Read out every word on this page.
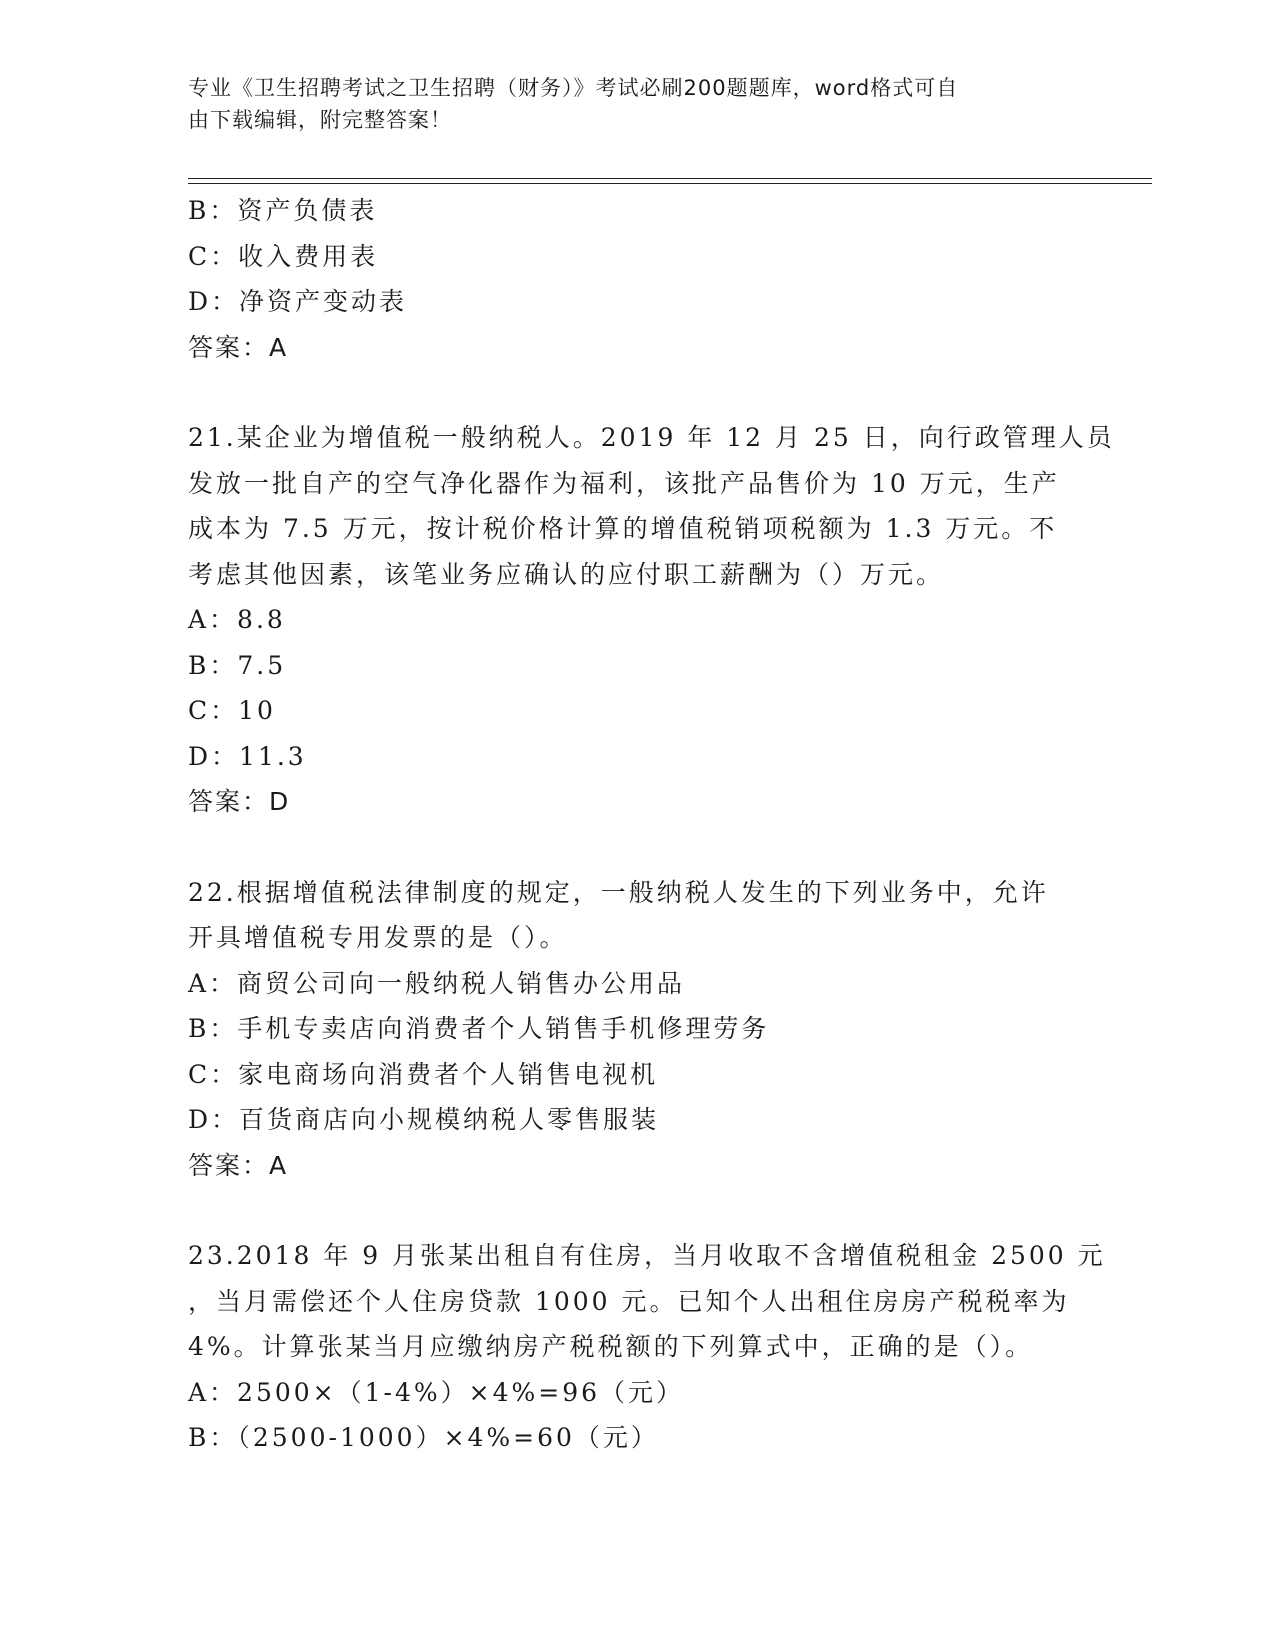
专业《卫生招聘考试之卫生招聘（财务）》考试必刷200题题库，word格式可自
由下载编辑，附完整答案！
B：资产负债表
C：收入费用表
D：净资产变动表
答案：A
21.某企业为增值税一般纳税人。2019 年 12 月 25 日，向行政管理人员
发放一批自产的空气净化器作为福利，该批产品售价为 10 万元，生产
成本为 7.5 万元，按计税价格计算的增值税销项税额为 1.3 万元。不
考虑其他因素，该笔业务应确认的应付职工薪酬为（）万元。
A：8.8
B：7.5
C：10
D：11.3
答案：D
22.根据增值税法律制度的规定，一般纳税人发生的下列业务中，允许
开具增值税专用发票的是（）。
A：商贸公司向一般纳税人销售办公用品
B：手机专卖店向消费者个人销售手机修理劳务
C：家电商场向消费者个人销售电视机
D：百货商店向小规模纳税人零售服装
答案：A
23.2018 年 9 月张某出租自有住房，当月收取不含增值税租金 2500 元
，当月需偿还个人住房贷款 1000 元。已知个人出租住房房产税税率为
4%。计算张某当月应缴纳房产税税额的下列算式中，正确的是（）。
A：2500×（1-4%）×4%=96（元）
B：（2500-1000）×4%=60（元）
